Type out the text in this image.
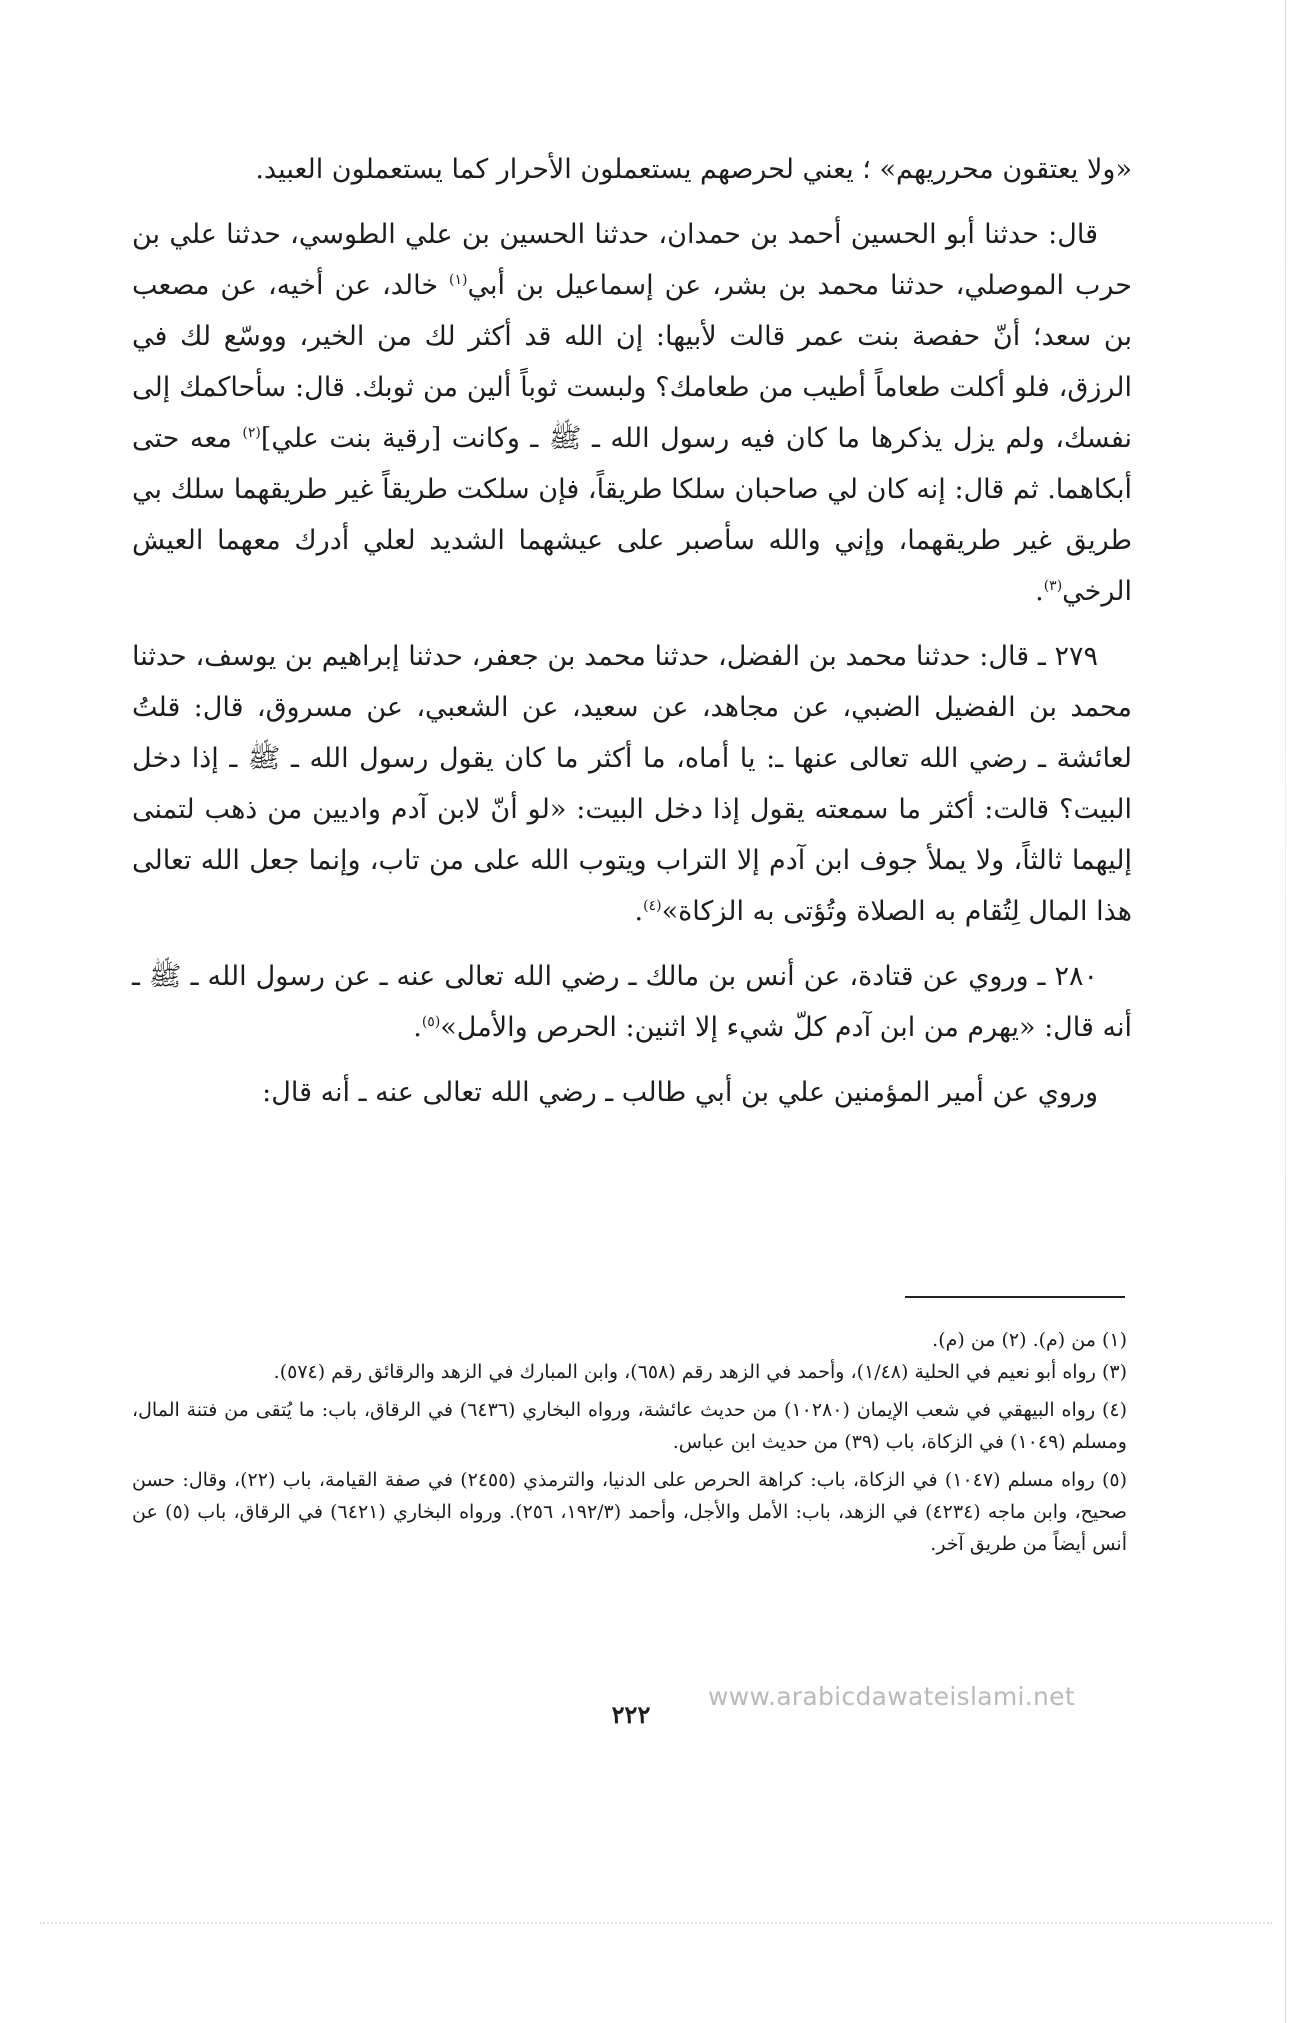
«ولا يعتقون محرريهم» ؛ يعني لحرصهم يستعملون الأحرار كما يستعملون العبيد.

قال: حدثنا أبو الحسين أحمد بن حمدان، حدثنا الحسين بن علي الطوسي، حدثنا علي بن حرب الموصلي، حدثنا محمد بن بشر، عن إسماعيل بن أبي$^{(١)}$ خالد، عن أخيه، عن مصعب بن سعد؛ أنّ حفصة بنت عمر قالت لأبيها: إن الله قد أكثر لك من الخير، ووسّع لك في الرزق، فلو أكلت طعاماً أطيب من طعامك؟ ولبست ثوباً ألين من ثوبك. قال: سأحاكمك إلى نفسك، ولم يزل يذكرها ما كان فيه رسول الله ـ ﷺ ـ وكانت [رقية بنت علي]$^{(٢)}$ معه حتى أبكاهما. ثم قال: إنه كان لي صاحبان سلكا طريقاً، فإن سلكت طريقاً غير طريقهما سلك بي طريق غير طريقهما، وإني والله سأصبر على عيشهما الشديد لعلي أدرك معهما العيش الرخي$^{(٣)}$.

٢٧٩ ـ قال: حدثنا محمد بن الفضل، حدثنا محمد بن جعفر، حدثنا إبراهيم بن يوسف، حدثنا محمد بن الفضيل الضبي، عن مجاهد، عن سعيد، عن الشعبي، عن مسروق، قال: قلتُ لعائشة ـ رضي الله تعالى عنها ـ: يا أماه، ما أكثر ما كان يقول رسول الله ـ ﷺ ـ إذا دخل البيت؟ قالت: أكثر ما سمعته يقول إذا دخل البيت: «لو أنّ لابن آدم واديين من ذهب لتمنى إليهما ثالثاً، ولا يملأ جوف ابن آدم إلا التراب ويتوب الله على من تاب، وإنما جعل الله تعالى هذا المال لِتُقام به الصلاة وتُؤتى به الزكاة»$^{(٤)}$.

٢٨٠ ـ وروي عن قتادة، عن أنس بن مالك ـ رضي الله تعالى عنه ـ عن رسول الله ـ ﷺ ـ أنه قال: «يهرم من ابن آدم كلّ شيء إلا اثنين: الحرص والأمل»$^{(٥)}$.

وروي عن أمير المؤمنين علي بن أبي طالب ـ رضي الله تعالى عنه ـ أنه قال:

(١) من (م). (٢) من (م).

(٣) رواه أبو نعيم في الحلية (١/٤٨)، وأحمد في الزهد رقم (٦٥٨)، وابن المبارك في الزهد والرقائق رقم (٥٧٤).

(٤) رواه البيهقي في شعب الإيمان (١٠٢٨٠) من حديث عائشة، ورواه البخاري (٦٤٣٦) في الرقاق، باب: ما يُتقى من فتنة المال، ومسلم (١٠٤٩) في الزكاة، باب (٣٩) من حديث ابن عباس.

(٥) رواه مسلم (١٠٤٧) في الزكاة، باب: كراهة الحرص على الدنيا، والترمذي (٢٤٥٥) في صفة القيامة، باب (٢٢)، وقال: حسن صحيح، وابن ماجه (٤٢٣٤) في الزهد، باب: الأمل والأجل، وأحمد (١٩٢/٣، ٢٥٦). ورواه البخاري (٦٤٢١) في الرقاق، باب (٥) عن أنس أيضاً من طريق آخر.

www.arabicdawateislami.net
٢٢٢
